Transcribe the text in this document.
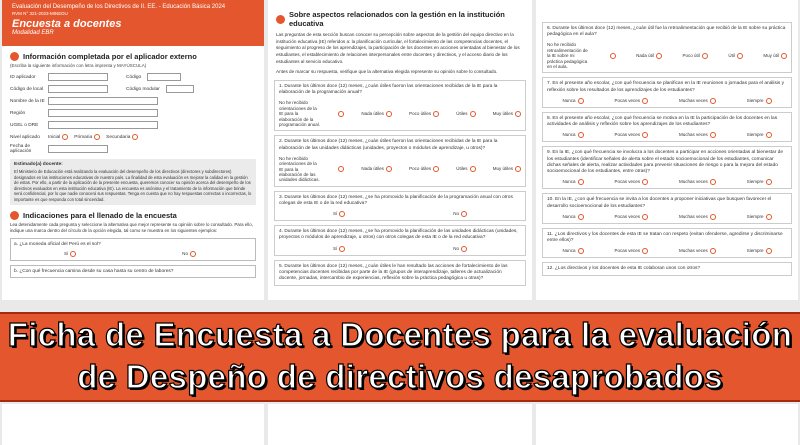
Evaluación del Desempeño de los Directivos de II. EE. - Educación Básica 2024
RVM N° 321-2023-MINEDU
Encuesta a docentes
Modalidad EBR
Información completada por el aplicador externo
(Escriba la siguiente información con letra imprenta y MAYÚSCULA)
ID aplicador	Código
Código de local	Código modular
Nombre de la IE
Región
UGEL o DRE
Nivel aplicado	Inicial	Primaria	Secundaria
Fecha de aplicación
Estimado(a) docente:
El Ministerio de Educación está realizando la evaluación del desempeño de los directivos (directores y subdirectores) designados en las instituciones educativas de nuestro país. La finalidad de esta evaluación es mejorar la calidad en la gestión de estas. Por ello, a partir de la aplicación de la presente encuesta, queremos conocer su opinión acerca del desempeño de los directivos evaluados en esta institución educativa (IE). La encuesta es anónima y el tratamiento de la información que brinde será confidencial, por lo que nadie conocerá sus respuestas. Tenga en cuenta que no hay respuestas correctas o incorrectas, lo importante es que responda con total sinceridad.
Indicaciones para el llenado de la encuesta
Lea detenidamente cada pregunta y seleccione la alternativa que mejor represente su opinión sobre lo consultado. Para ello, indique una marca dentro del círculo de la opción elegida, tal como se muestra en los siguientes ejemplos:
a. ¿La moneda oficial del Perú es el sol?
Sí	No
b. ¿Con qué frecuencia camina desde su casa hasta su centro de labores?
Sobre aspectos relacionados con la gestión en la institución educativa
Las preguntas de esta sección buscan conocer su percepción sobre aspectos de la gestión del equipo directivo en la institución educativa (IE) referidos a: la planificación curricular, el fortalecimiento de las competencias docentes, el seguimiento al progreso de los aprendizajes, la participación de los docentes en acciones orientadas al bienestar de los estudiantes, el establecimiento de relaciones interpersonales entre docentes y directivos, y el acceso diario de los estudiantes al servicio educativo.
Antes de marcar su respuesta, verifique que la alternativa elegida represente su opinión sobre lo consultado.
1. Durante los últimos doce (12) meses, ¿cuán útiles fueron las orientaciones recibidas de la IE para la elaboración de la programación anual?
No he recibido orientaciones de la IE para la elaboración de la programación anual.
Nada útiles	Poco útiles	Útiles	Muy útiles
2. Durante los últimos doce (12) meses, ¿cuán útiles fueron las orientaciones recibidas de la IE para la elaboración de las unidades didácticas (unidades, proyectos o módulos de aprendizaje, u otros)?
No he recibido orientaciones de la IE para la elaboración de las unidades didácticas.
Nada útiles	Poco útiles	Útiles	Muy útiles
3. Durante los últimos doce (12) meses, ¿se ha promovido la planificación de la programación anual con otros colegas de esta IE o de la red educativa?
Sí	No
4. Durante los últimos doce (12) meses, ¿se ha promovido la planificación de las unidades didácticas (unidades, proyectos o módulos de aprendizaje, u otros) con otros colegas de esta IE o de la red educativa?
Sí	No
5. Durante los últimos doce (12) meses, ¿cuán útiles le han resultado las acciones de fortalecimiento de las competencias docentes recibidas por parte de la IE (grupos de interaprendizaje, talleres de actualización docente, jornadas, intercambio de experiencias, reflexión sobre la práctica pedagógica u otras)?
6. Durante los últimos doce (12) meses, ¿cuán útil fue la retroalimentación que recibió de la IE sobre su práctica pedagógica en el aula?
No he recibido retroalimentación de la IE sobre mi práctica pedagógica en el aula.
Nada útil	Poco útil	Útil	Muy útil
7. En el presente año escolar, ¿con qué frecuencia se planifican en la IE reuniones o jornadas para el análisis y reflexión sobre los resultados de los aprendizajes de los estudiantes?
Nunca	Pocas veces	Muchas veces	Siempre
8. En el presente año escolar, ¿con qué frecuencia se motiva en la IE la participación de los docentes en las actividades de análisis y reflexión sobre los aprendizajes de los estudiantes?
Nunca	Pocas veces	Muchas veces	Siempre
9. En la IE, ¿con qué frecuencia se involucra a los docentes a participar en acciones orientadas al bienestar de los estudiantes (identificar señales de alerta sobre el estado socioemocional de los estudiantes, comunicar dichas señales de alerta, realizar actividades para prevenir situaciones de riesgo o para la mejora del estado socioemocional de los estudiantes, entre otras)?
Nunca	Pocas veces	Muchas veces	Siempre
10. En la IE, ¿con qué frecuencia se invita a los docentes a proponer iniciativas que busquen favorecer el desarrollo socioemocional de los estudiantes?
Nunca	Pocas veces	Muchas veces	Siempre
11. ¿Los directivos y los docentes de esta IE se tratan con respeto (evitan ofenderse, agredirse y discriminarse entre ellos)?
Nunca	Pocas veces	Muchas veces	Siempre
12. ¿Los directivos y los docentes de esta IE colaboran unos con otros?
Ficha de Encuesta a Docentes para la evaluación
de Despeño de directivos desaprobados
